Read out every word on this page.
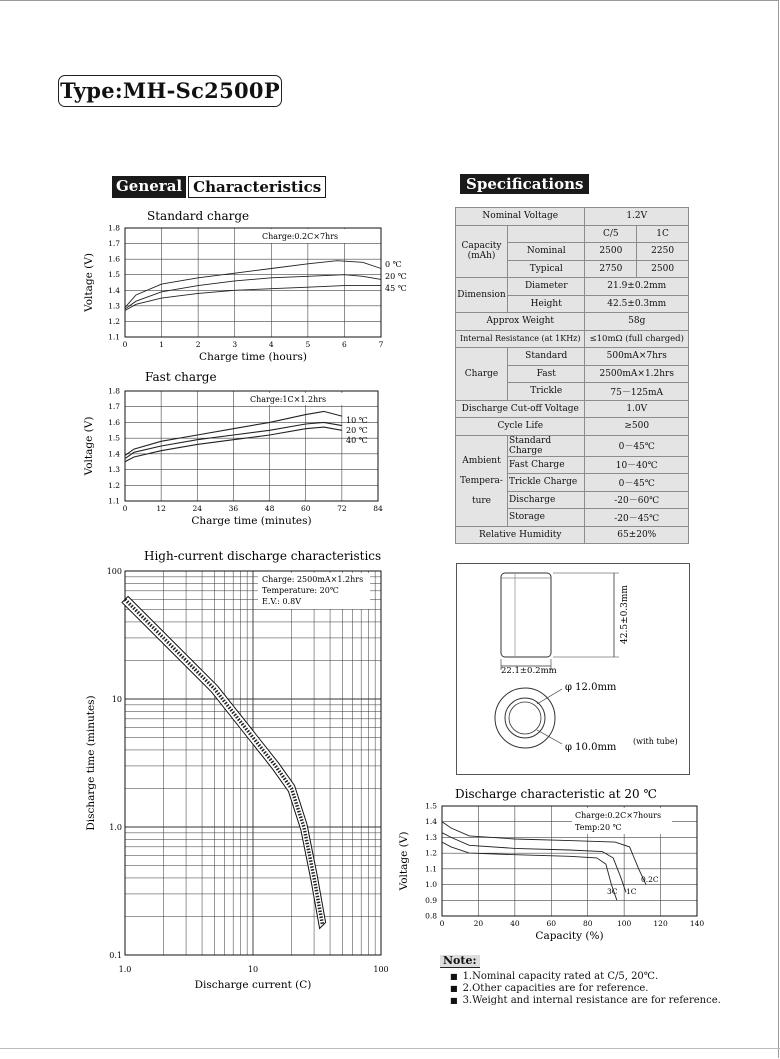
Type:MH-Sc2500P
General Characteristics	Specifications
Standard charge
0	1	2	3	4	5	6	7
1.1
1.2
1.3
1.4
1.5
1.6
1.7
1.8
Charge time (hours)
Voltage (V)
Charge:0.2C×7hrs
0 ℃
20 ℃
45 ℃
Fast charge
0	12	24	36	48	60	72	84
1.1
1.2
1.3
1.4
1.5
1.6
1.7
1.8
Charge time (minutes)
Voltage (V)
Charge:1C×1.2hrs
10 ℃
20 ℃
40 ℃
High-current discharge characteristics
Charge: 2500mA×1.2hrs
Temperature: 20℃
E.V.: 0.8V
1.0	10	100
0.1
1.0
10
100
Discharge current (C)
Discharge time (minutes)	Discharge characteristic at 20 ℃
0	20	40	60	80	100	120	140
0.8
0.9
1.0
1.1
1.2
1.3
1.4
1.5
Capacity (%)
Voltage (V)
Charge:0.2C×7hours
Temp:20 ℃
0.2C
1C
3C
Nominal Voltage		1.2V	
Capacity
(mAh)		C/5	1C
	Nominal	2500	2250
	Typical	2750	2500
Dimension	Diameter	21.9±0.2mm	
	Height	42.5±0.3mm	
Approx Weight		58g	
Internal Resistance (at 1KHz)		≤10mΩ (full charged)	
Charge	Standard	500mA×7hrs	
	Fast	2500mA×1.2hrs	
	Trickle	75－125mA	
Discharge Cut-off Voltage		1.0V	
Cycle Life		≥500	
Ambient

Tempera-

ture	Standard Charge	0－45℃	
	Fast Charge	10－40℃	
	Trickle Charge	0－45℃	
	Discharge	-20－60℃	
	Storage	-20－45℃	
Relative Humidity		65±20%	
42.5±0.3mm
22.1±0.2mm
φ 12.0mm
φ 10.0mm
(with tube)
Note:
■ 1.Nominal capacity rated at C/5, 20℃.
■ 2.Other capacities are for reference.
■ 3.Weight and internal resistance are for reference.
